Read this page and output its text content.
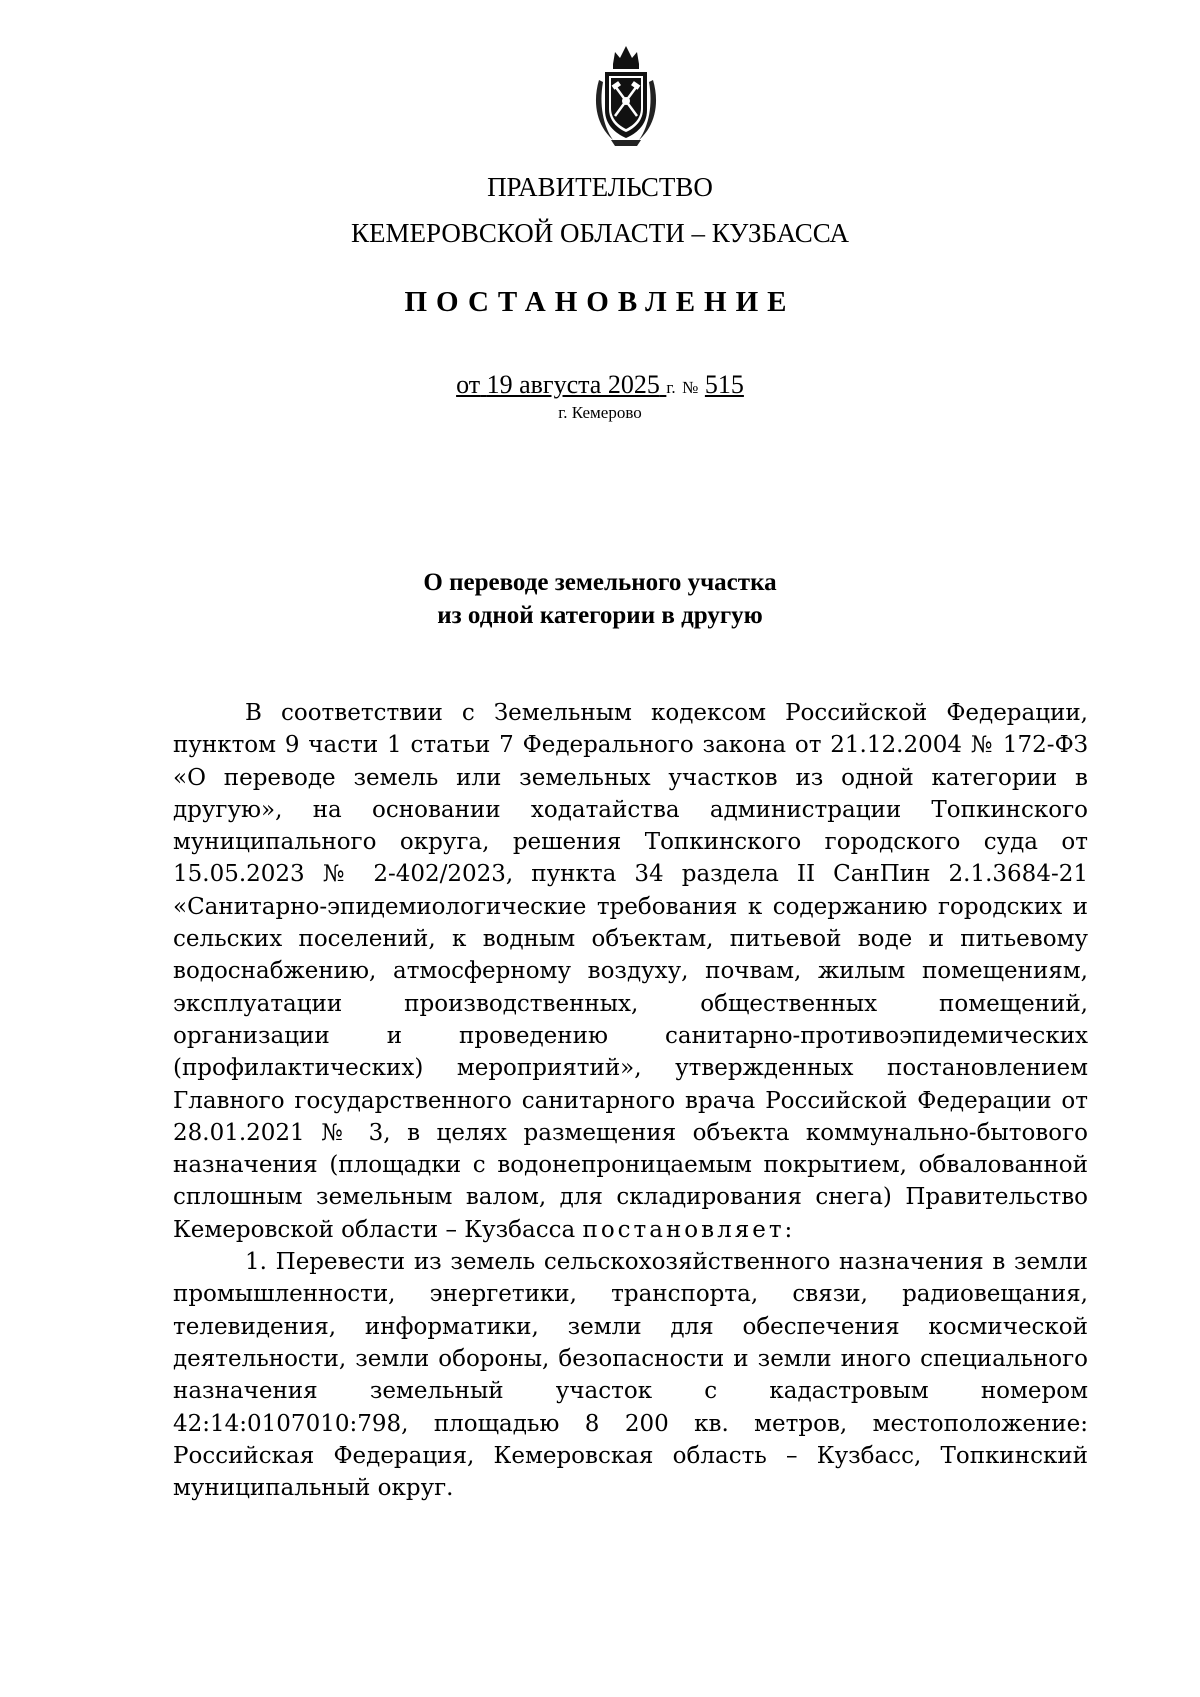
ПРАВИТЕЛЬСТВО
КЕМЕРОВСКОЙ ОБЛАСТИ – КУЗБАССА
ПОСТАНОВЛЕНИЕ
от 19 августа 2025 г. № 515
г. Кемерово
О переводе земельного участка
из одной категории в другую

В соответствии с Земельным кодексом Российской Федерации, пунктом 9 части 1 статьи 7 Федерального закона от 21.12.2004 № 172-ФЗ «О переводе земель или земельных участков из одной категории в другую», на основании ходатайства администрации Топкинского муниципального округа, решения Топкинского городского суда от 15.05.2023 № 2-402/2023, пункта 34 раздела II СанПин 2.1.3684-21 «Санитарно-эпидемиологические требования к содержанию городских и сельских поселений, к водным объектам, питьевой воде и питьевому водоснабжению, атмосферному воздуху, почвам, жилым помещениям, эксплуатации производственных, общественных помещений, организации и проведению санитарно-противоэпидемических (профилактических) мероприятий», утвержденных постановлением Главного государственного санитарного врача Российской Федерации от 28.01.2021 № 3, в целях размещения объекта коммунально-бытового назначения (площадки с водонепроницаемым покрытием, обвалованной сплошным земельным валом, для складирования снега) Правительство Кемеровской области – Кузбасса постановляет:

1. Перевести из земель сельскохозяйственного назначения в земли промышленности, энергетики, транспорта, связи, радиовещания, телевидения, информатики, земли для обеспечения космической деятельности, земли обороны, безопасности и земли иного специального назначения земельный участок с кадастровым номером 42:14:0107010:798, площадью 8 200 кв. метров, местоположение: Российская Федерация, Кемеровская область – Кузбасс, Топкинский муниципальный округ.
